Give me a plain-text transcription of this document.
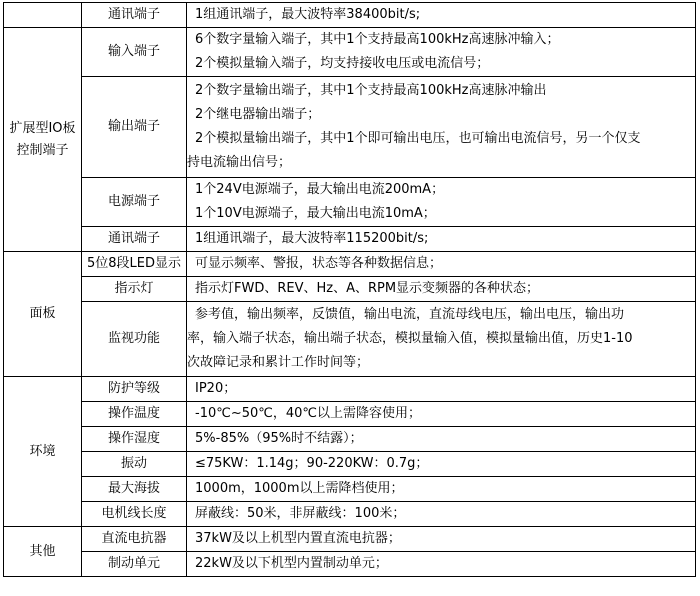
	通讯端子	1组通讯端子，最大波特率38400bit/s;
扩展型IO板控制端子	输入端子	6个数字量输入端子，其中1个支持最高100kHz高速脉冲输入；
2个模拟量输入端子，均支持接收电压或电流信号；

	输出端子	2个数字量输出端子，其中1个支持最高100kHz高速脉冲输出
2个继电器输出端子；
2个模拟量输出端子，其中1个即可输出电压，也可输出电流信号，另一个仅支
持电流输出信号；

	电源端子	1个24V电源端子，最大输出电流200mA；
1个10V电源端子，最大输出电流10mA；

	通讯端子	1组通讯端子，最大波特率115200bit/s;
面板	5位8段LED显示	可显示频率、警报，状态等各种数据信息；
	指示灯	指示灯FWD、REV、Hz、A、RPM显示变频器的各种状态；
	监视功能	参考值，输出频率，反馈值，输出电流，直流母线电压，输出电压，输出功
率，输入端子状态，输出端子状态，模拟量输入值，模拟量输出值，历史1-10
次故障记录和累计工作时间等；

环境	防护等级	IP20；
	操作温度	-10℃~50℃，40℃以上需降容使用；
	操作湿度	5%-85%（95%时不结露）；
	振动	≤75KW：1.14g；90-220KW：0.7g；
	最大海拔	1000m，1000m以上需降档使用；
	电机线长度	屏蔽线：50米，非屏蔽线：100米；
其他	直流电抗器	37kW及以上机型内置直流电抗器；
	制动单元	22kW及以下机型内置制动单元；
